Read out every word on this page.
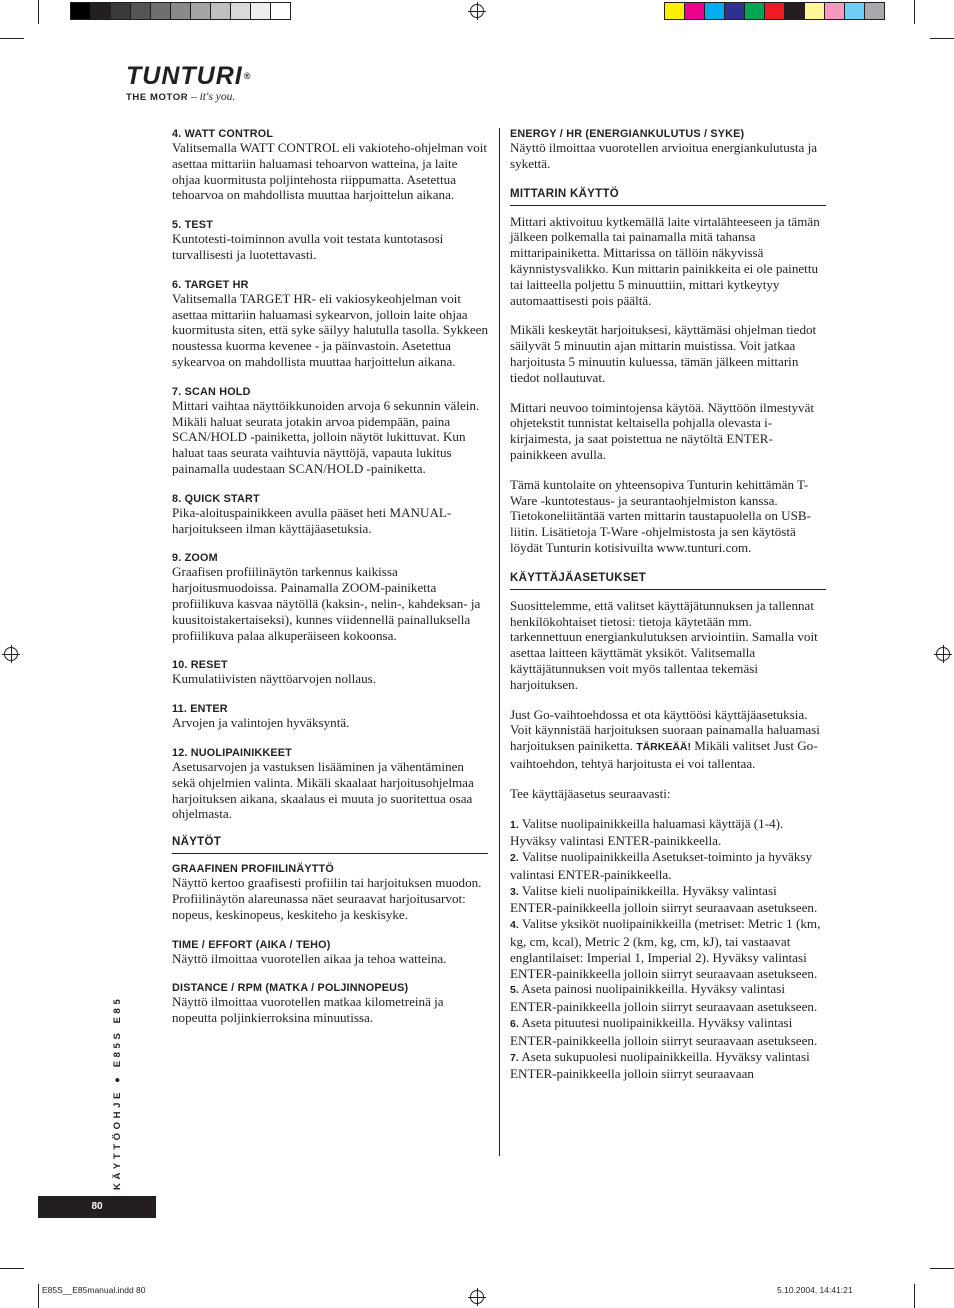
TUNTURI®
THE MOTOR – it's you.

4. WATT CONTROL

Valitsemalla WATT CONTROL eli vakioteho-ohjelman voit asettaa mittariin haluamasi tehoarvon watteina, ja laite ohjaa kuormitusta poljintehosta riippumatta. Asetettua tehoarvoa on mahdollista muuttaa harjoittelun aikana.

5. TEST

Kuntotesti-toiminnon avulla voit testata kuntotasosi turvallisesti ja luotettavasti.

6. TARGET HR

Valitsemalla TARGET HR- eli vakiosykeohjelman voit asettaa mittariin haluamasi sykearvon, jolloin laite ohjaa kuormitusta siten, että syke säilyy halutulla tasolla. Sykkeen noustessa kuorma kevenee - ja päinvastoin. Asetettua sykearvoa on mahdollista muuttaa harjoittelun aikana.

7. SCAN HOLD

Mittari vaihtaa näyttöikkunoiden arvoja 6 sekunnin välein. Mikäli haluat seurata jotakin arvoa pidempään, paina SCAN/HOLD -painiketta, jolloin näytöt lukittuvat. Kun haluat taas seurata vaihtuvia näyttöjä, vapauta lukitus painamalla uudestaan SCAN/HOLD -painiketta.

8. QUICK START

Pika-aloituspainikkeen avulla pääset heti MANUAL-harjoitukseen ilman käyttäjäasetuksia.

9. ZOOM

Graafisen profiilinäytön tarkennus kaikissa harjoitusmuodoissa. Painamalla ZOOM-painiketta profiilikuva kasvaa näytöllä (kaksin-, nelin-, kahdeksan- ja kuusitoistakertaiseksi), kunnes viidennellä painalluksella profiilikuva palaa alkuperäiseen kokoonsa.

10. RESET

Kumulatiivisten näyttöarvojen nollaus.

11. ENTER

Arvojen ja valintojen hyväksyntä.

12. NUOLIPAINIKKEET

Asetusarvojen ja vastuksen lisääminen ja vähentäminen sekä ohjelmien valinta. Mikäli skaalaat harjoitusohjelmaa harjoituksen aikana, skaalaus ei muuta jo suoritettua osaa ohjelmasta.

NÄYTÖT

GRAAFINEN PROFIILINÄYTTÖ

Näyttö kertoo graafisesti profiilin tai harjoituksen muodon. Profiilinäytön alareunassa näet seuraavat harjoitusarvot: nopeus, keskinopeus, keskiteho ja keskisyke.

TIME / EFFORT (AIKA / TEHO)

Näyttö ilmoittaa vuorotellen aikaa ja tehoa watteina.

DISTANCE / RPM (MATKA / POLJINNOPEUS)

Näyttö ilmoittaa vuorotellen matkaa kilometreinä ja nopeutta poljinkierroksina minuutissa.

ENERGY / HR (ENERGIANKULUTUS / SYKE)

Näyttö ilmoittaa vuorotellen arvioitua energiankulutusta ja sykettä.

MITTARIN KÄYTTÖ

Mittari aktivoituu kytkemällä laite virtalähteeseen ja tämän jälkeen polkemalla tai painamalla mitä tahansa mittaripainiketta. Mittarissa on tällöin näkyvissä käynnistysvalikko. Kun mittarin painikkeita ei ole painettu tai laitteella poljettu 5 minuuttiin, mittari kytkeytyy automaattisesti pois päältä.

Mikäli keskeytät harjoituksesi, käyttämäsi ohjelman tiedot säilyvät 5 minuutin ajan mittarin muistissa. Voit jatkaa harjoitusta 5 minuutin kuluessa, tämän jälkeen mittarin tiedot nollautuvat.

Mittari neuvoo toimintojensa käytöä. Näyttöön ilmestyvät ohjetekstit tunnistat keltaisella pohjalla olevasta i-kirjaimesta, ja saat poistettua ne näytöltä ENTER-painikkeen avulla.

Tämä kuntolaite on yhteensopiva Tunturin kehittämän T-Ware -kuntotestaus- ja seurantaohjelmiston kanssa. Tietokoneliitäntää varten mittarin taustapuolella on USB-liitin. Lisätietoja T-Ware -ohjelmistosta ja sen käytöstä löydät Tunturin kotisivuilta www.tunturi.com.

KÄYTTÄJÄASETUKSET

Suosittelemme, että valitset käyttäjätunnuksen ja tallennat henkilökohtaiset tietosi: tietoja käytetään mm. tarkennettuun energiankulutuksen arviointiin. Samalla voit asettaa laitteen käyttämät yksiköt. Valitsemalla käyttäjätunnuksen voit myös tallentaa tekemäsi harjoituksen.

Just Go-vaihtoehdossa et ota käyttöösi käyttäjäasetuksia. Voit käynnistää harjoituksen suoraan painamalla haluamasi harjoituksen painiketta. TÄRKEÄÄ! Mikäli valitset Just Go-vaihtoehdon, tehtyä harjoitusta ei voi tallentaa.

Tee käyttäjäasetus seuraavasti:

1. Valitse nuolipainikkeilla haluamasi käyttäjä (1-4). Hyväksy valintasi ENTER-painikkeella.

2. Valitse nuolipainikkeilla Asetukset-toiminto ja hyväksy valintasi ENTER-painikkeella.

3. Valitse kieli nuolipainikkeilla. Hyväksy valintasi ENTER-painikkeella jolloin siirryt seuraavaan asetukseen.

4. Valitse yksiköt nuolipainikkeilla (metriset: Metric 1 (km, kg, cm, kcal), Metric 2 (km, kg, cm, kJ), tai vastaavat englantilaiset: Imperial 1, Imperial 2). Hyväksy valintasi ENTER-painikkeella jolloin siirryt seuraavaan asetukseen.

5. Aseta painosi nuolipainikkeilla. Hyväksy valintasi ENTER-painikkeella jolloin siirryt seuraavaan asetukseen.

6. Aseta pituutesi nuolipainikkeilla. Hyväksy valintasi ENTER-painikkeella jolloin siirryt seuraavaan asetukseen.

7. Aseta sukupuolesi nuolipainikkeilla. Hyväksy valintasi ENTER-painikkeella jolloin siirryt seuraavaan

KÄYTTÖOHJE ● E85S E85
80
E85S__E85manual.indd 80	5.10.2004, 14:41:21
